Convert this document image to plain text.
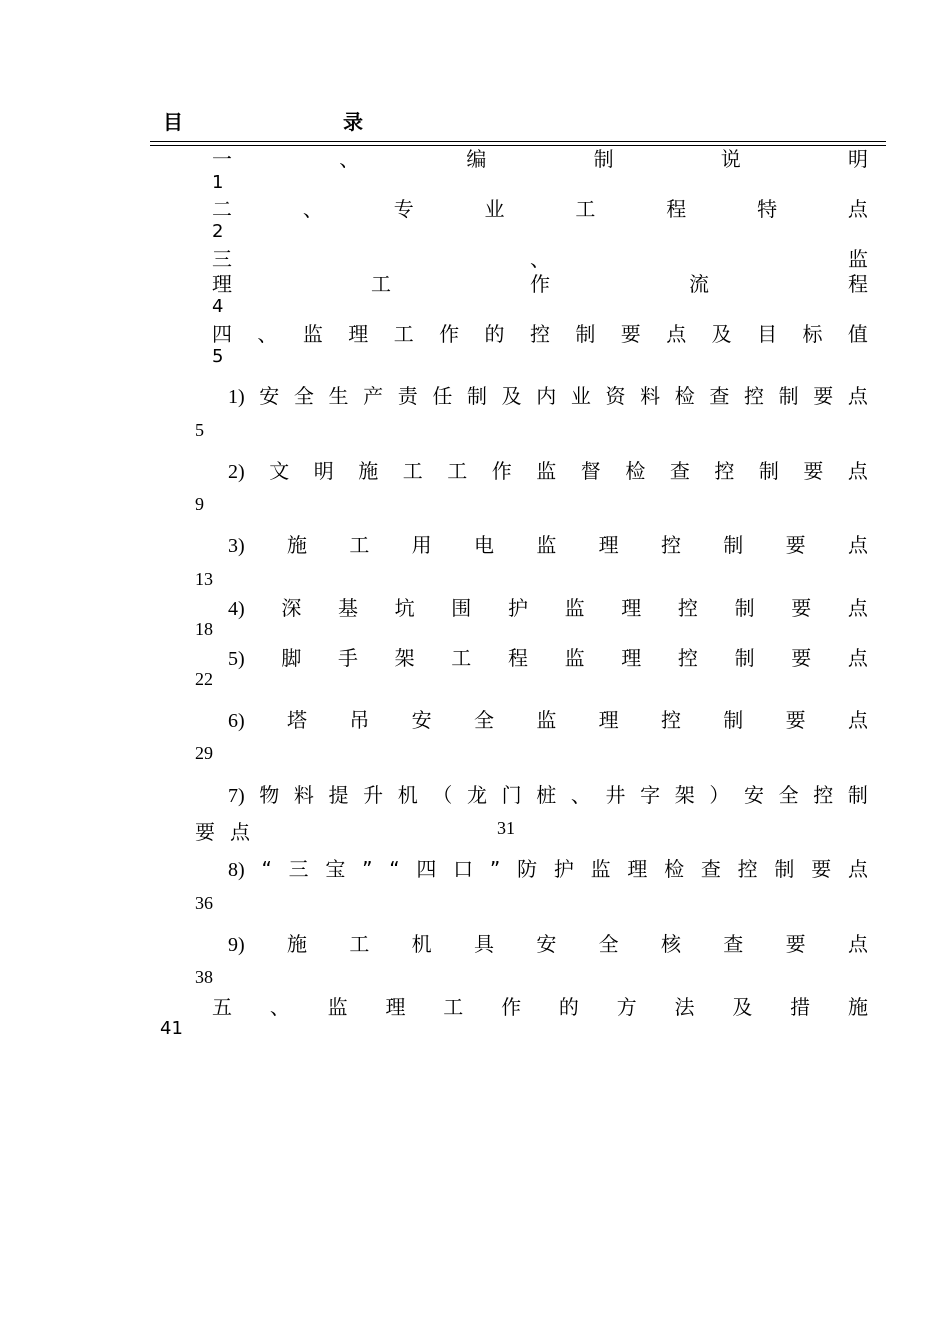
目	录
一	、	编	制	说	明
1
二	、	专	业	工	程	特	点
2
三	、	监
理	工	作	流	程
4
四 、 监 理 工 作 的 控 制 要 点 及 目 标 值
5
1) 安 全 生 产 责 任 制 及 内 业 资 料 检 查 控 制 要 点
5
2) 文 明 施 工 工 作 监 督 检 查 控 制 要 点
9
3) 施 工 用 电 监 理 控 制 要 点
13
4) 深 基 坑 围 护 监 理 控 制 要 点
18
5) 脚 手 架 工 程 监 理 控 制 要 点
22
6) 塔 吊 安 全 监 理 控 制 要 点
29
7) 物 料 提 升 机 （ 龙 门 桩 、 井 字 架 ） 安 全 控 制
要 点	31
8) “ 三 宝 ” “ 四 口 ” 防 护 监 理 检 查 控 制 要 点
36
9) 施 工 机 具 安 全 核 查 要 点
38
五 、 监 理 工 作 的 方 法 及 措 施
41
